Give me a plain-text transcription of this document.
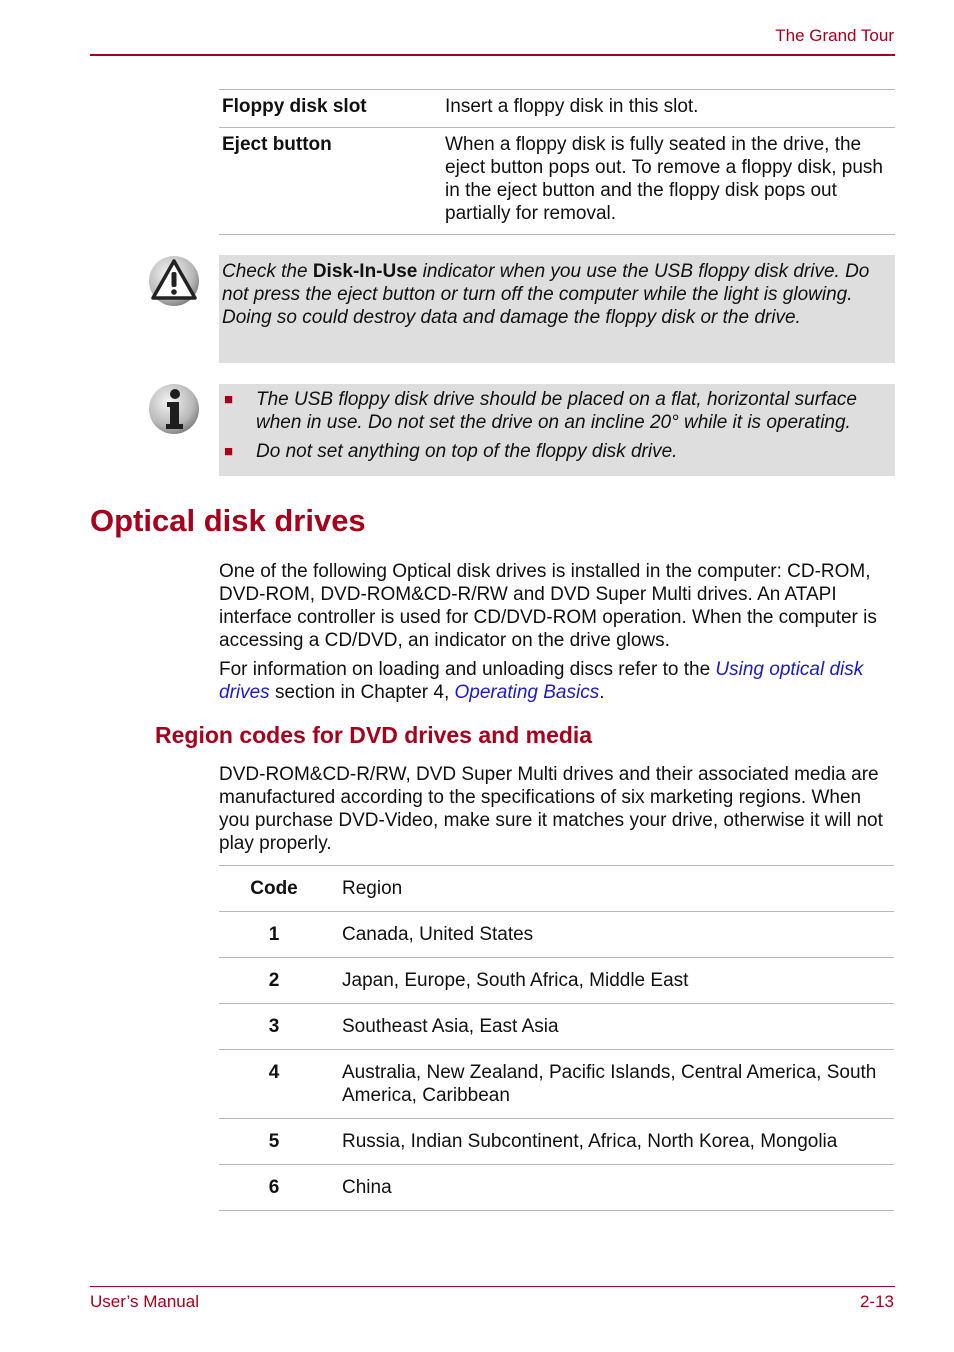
The Grand Tour
Floppy disk slot	Insert a floppy disk in this slot.
Eject button	When a floppy disk is fully seated in the drive, the eject button pops out. To remove a floppy disk, push in the eject button and the floppy disk pops out partially for removal.
Check the Disk-In-Use indicator when you use the USB floppy disk drive. Do not press the eject button or turn off the computer while the light is glowing. Doing so could destroy data and damage the floppy disk or the drive.
■	The USB floppy disk drive should be placed on a flat, horizontal surface when in use. Do not set the drive on an incline 20° while it is operating.
■	Do not set anything on top of the floppy disk drive.
Optical disk drives
One of the following Optical disk drives is installed in the computer: CD-ROM, DVD-ROM, DVD-ROM&CD-R/RW and DVD Super Multi drives. An ATAPI interface controller is used for CD/DVD-ROM operation. When the computer is accessing a CD/DVD, an indicator on the drive glows.
For information on loading and unloading discs refer to the Using optical disk drives section in Chapter 4, Operating Basics.
Region codes for DVD drives and media
DVD-ROM&CD-R/RW, DVD Super Multi drives and their associated media are manufactured according to the specifications of six marketing regions. When you purchase DVD-Video, make sure it matches your drive, otherwise it will not play properly.
Code	Region
1	Canada, United States
2	Japan, Europe, South Africa, Middle East
3	Southeast Asia, East Asia
4	Australia, New Zealand, Pacific Islands, Central America, South America, Caribbean
5	Russia, Indian Subcontinent, Africa, North Korea, Mongolia
6	China
User’s Manual	2-13
